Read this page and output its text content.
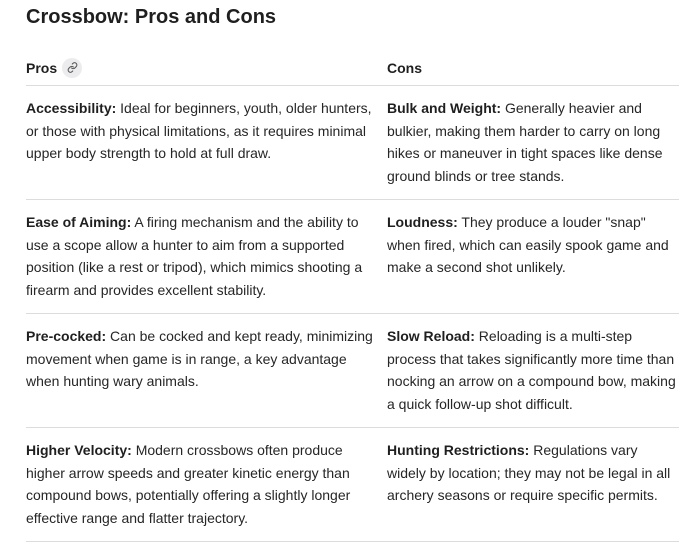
Crossbow: Pros and Cons
Pros	Cons
Accessibility: Ideal for beginners, youth, older hunters, or those with physical limitations, as it requires minimal upper body strength to hold at full draw.
Bulk and Weight: Generally heavier and bulkier, making them harder to carry on long hikes or maneuver in tight spaces like dense ground blinds or tree stands.
Ease of Aiming: A firing mechanism and the ability to use a scope allow a hunter to aim from a supported position (like a rest or tripod), which mimics shooting a firearm and provides excellent stability.
Loudness: They produce a louder "snap" when fired, which can easily spook game and make a second shot unlikely.
Pre-cocked: Can be cocked and kept ready, minimizing movement when game is in range, a key advantage when hunting wary animals.
Slow Reload: Reloading is a multi-step process that takes significantly more time than nocking an arrow on a compound bow, making a quick follow-up shot difficult.
Higher Velocity: Modern crossbows often produce higher arrow speeds and greater kinetic energy than compound bows, potentially offering a slightly longer effective range and flatter trajectory.
Hunting Restrictions: Regulations vary widely by location; they may not be legal in all archery seasons or require specific permits.
